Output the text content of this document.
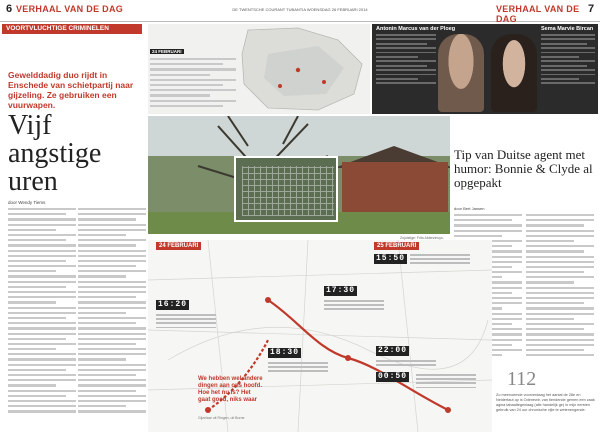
6 VERHAAL VAN DE DAG	DE TWENTSCHE COURANT TUBANTIA WOENSDAG 26 FEBRUARI 2014	VERHAAL VAN DE DAG
7
VOORTVLUCHTIGE CRIMINELEN
Gewelddadig duo rijdt in Enschede van schietpartij naar gijzeling. Ze gebruiken een vuurwapen.
Vijf angstige uren
door Wendy Tiems
24 FEBRUARI
Antonin Marcus van der Ploeg	Sema Marvie Bircan
Zojuistige: Frits Aldennhuys,
Tip van Duitse agent met humor: Bonnie & Clyde al opgepakt
door Bert Jansen
24 FEBRUARI	25 FEBRUARI
15:50
16:20
17:30
18:30	22:00
00:50
We hebben wel andere dingen aan ons hoofd. Hoe het nu is? Het gaat goed, niks waar
Gijzelaar uit Ringen, uit Borne
112
Zo meenoemde voorverdaag het aantal de 28e en Neldertaut op is Odenewlr, van tiendende gemen een zaak agina tabaaltegenlaag (alle handelijk ge) in mijn eersten gebruik van 24 uur chronische vijle te wetenengende.
